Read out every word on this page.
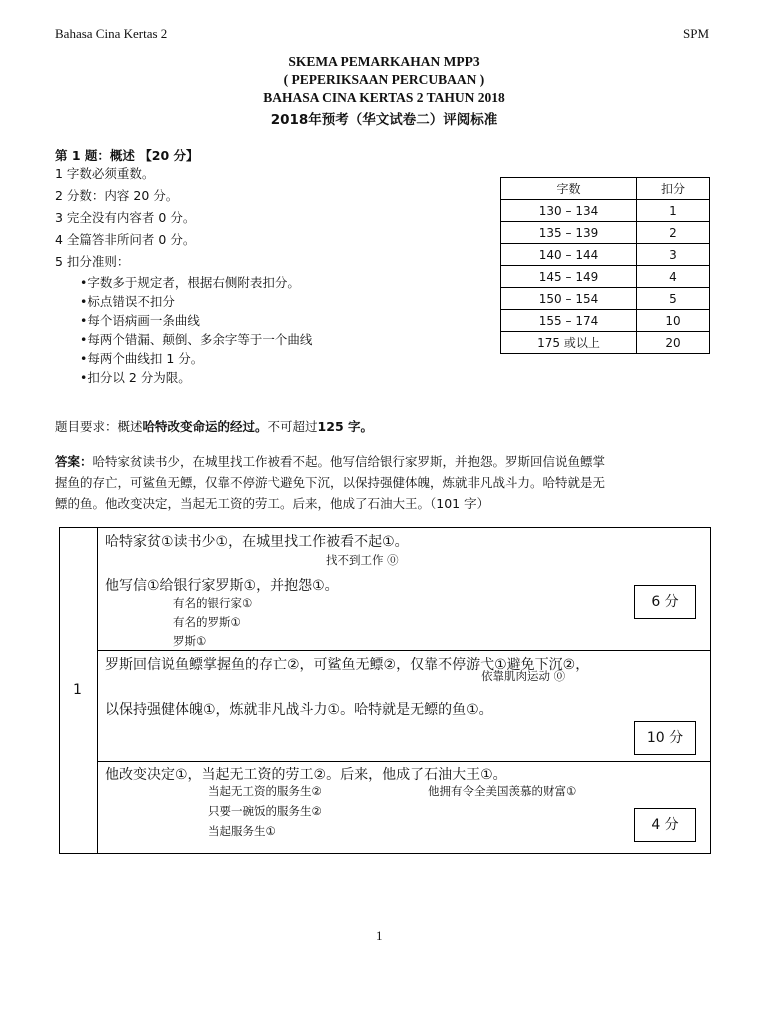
Bahasa Cina Kertas 2	SPM
SKEMA PEMARKAHAN MPP3
( PEPERIKSAAN PERCUBAAN )
BAHASA CINA KERTAS 2 TAHUN 2018
2018年预考（华文试卷二）评阅标准
第 1 题：概述 【20 分】
1 字数必须重数。
2 分数：内容 20 分。
3 完全没有内容者 0 分。
4 全篇答非所问者 0 分。
5 扣分准则：
•字数多于规定者，根据右侧附表扣分。
•标点错误不扣分
•每个语病画一条曲线
•每两个错漏、颠倒、多余字等于一个曲线
•每两个曲线扣 1 分。
•扣分以 2 分为限。
字数	扣分
130 – 134	1
135 – 139	2
140 – 144	3
145 – 149	4
150 – 154	5
155 – 174	10
175 或以上	20
题目要求：概述哈特改变命运的经过。不可超过125 字。
答案：哈特家贫读书少，在城里找工作被看不起。他写信给银行家罗斯，并抱怨。罗斯回信说鱼鳔掌
握鱼的存亡，可鲨鱼无鳔，仅靠不停游弋避免下沉，以保持强健体魄，炼就非凡战斗力。哈特就是无
鳔的鱼。他改变决定，当起无工资的劳工。后来，他成了石油大王。（101 字）
1
哈特家贫①读书少①，在城里找工作被看不起①。
找不到工作 ⓪
他写信①给银行家罗斯①，并抱怨①。
有名的银行家①
有名的罗斯①
罗斯①
6 分
罗斯回信说鱼鳔掌握鱼的存亡②，可鲨鱼无鳔②，仅靠不停游弋①避免下沉②，
依靠肌肉运动 ⓪
以保持强健体魄①，炼就非凡战斗力①。哈特就是无鳔的鱼①。
10 分
他改变决定①，当起无工资的劳工②。后来，他成了石油大王①。
当起无工资的服务生②
只要一碗饭的服务生②
当起服务生①
他拥有令全美国羡慕的财富①
4 分
1
